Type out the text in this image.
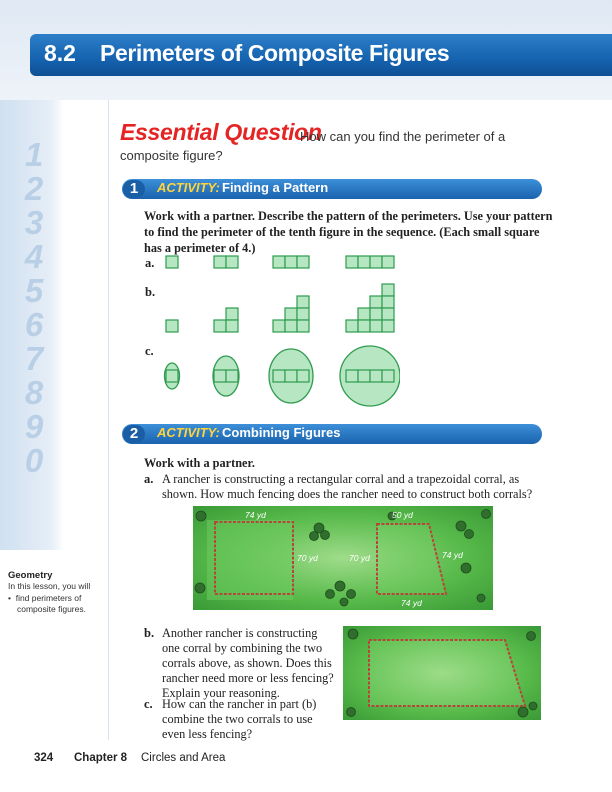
8.2 Perimeters of Composite Figures
1
2
3
4
5
6
7
8
9
0
Essential Question
How can you find the perimeter of a
composite figure?
1	ACTIVITY: Finding a Pattern
Work with a partner. Describe the pattern of the perimeters. Use your pattern
to find the perimeter of the tenth figure in the sequence. (Each small square
has a perimeter of 4.)
a.
b.
c.
2	ACTIVITY: Combining Figures
Work with a partner.
a. A rancher is constructing a rectangular corral and a trapezoidal corral, as
shown. How much fencing does the rancher need to construct both corrals?
74 yd
70 yd	70 yd
50 yd
74 yd
74 yd
b. Another rancher is constructing
one corral by combining the two
corrals above, as shown. Does this
rancher need more or less fencing?
Explain your reasoning.
c. How can the rancher in part (b)
combine the two corrals to use
even less fencing?
Geometry
In this lesson, you will
•  find perimeters of
composite figures.
324 Chapter 8 Circles and Area
